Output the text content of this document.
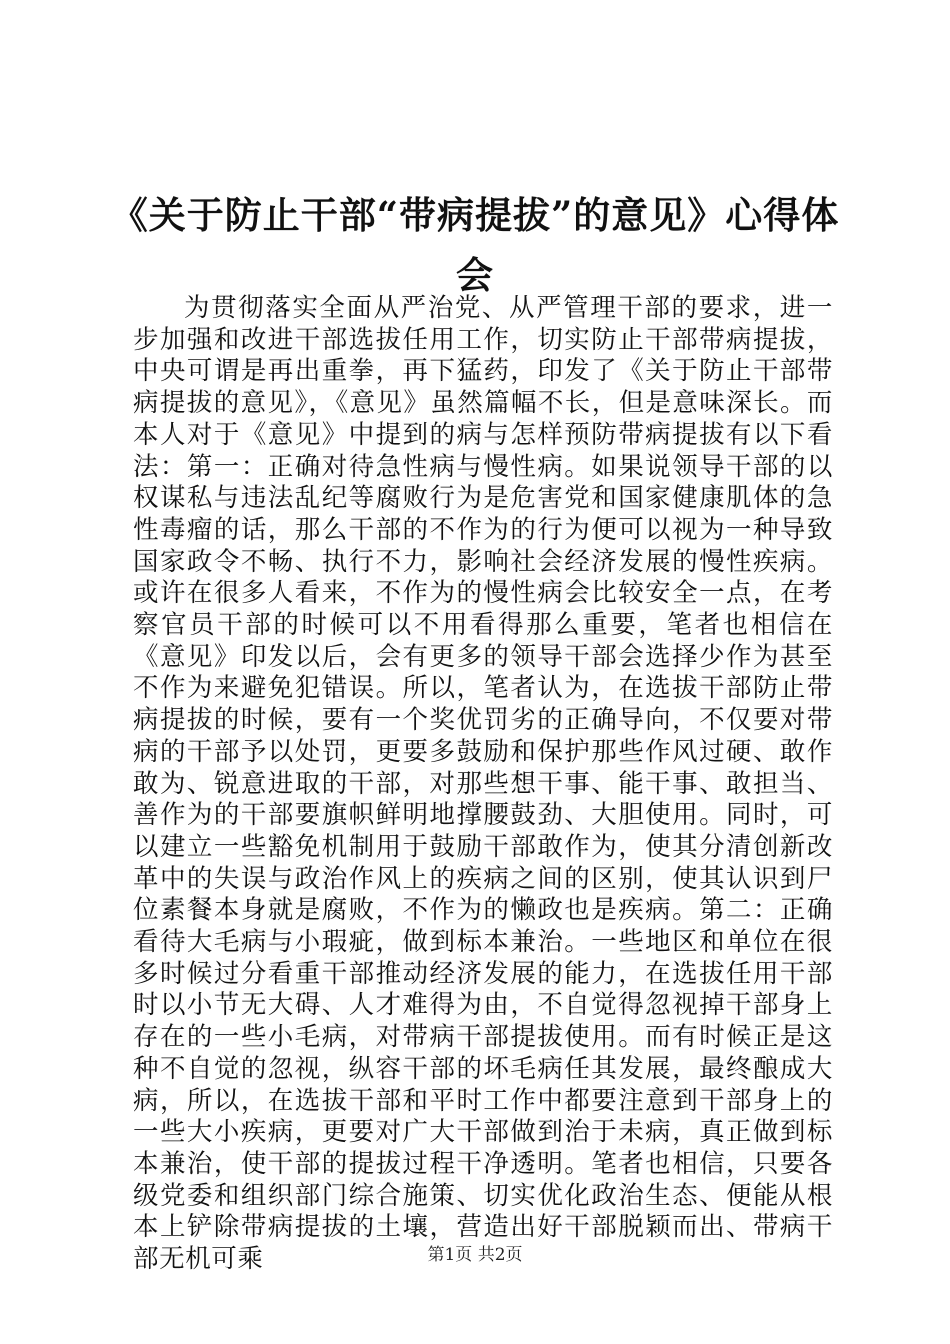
《关于防止干部“带病提拔”的意见》心得体会

为贯彻落实全面从严治党、从严管理干部的要求，进一步加强和改进干部选拔任用工作，切实防止干部带病提拔，中央可谓是再出重拳，再下猛药，印发了《关于防止干部带病提拔的意见》，《意见》虽然篇幅不长，但是意味深长。而本人对于《意见》中提到的病与怎样预防带病提拔有以下看法：第一：正确对待急性病与慢性病。如果说领导干部的以权谋私与违法乱纪等腐败行为是危害党和国家健康肌体的急性毒瘤的话，那么干部的不作为的行为便可以视为一种导致国家政令不畅、执行不力，影响社会经济发展的慢性疾病。或许在很多人看来，不作为的慢性病会比较安全一点，在考察官员干部的时候可以不用看得那么重要，笔者也相信在《意见》印发以后，会有更多的领导干部会选择少作为甚至不作为来避免犯错误。所以，笔者认为，在选拔干部防止带病提拔的时候，要有一个奖优罚劣的正确导向，不仅要对带病的干部予以处罚，更要多鼓励和保护那些作风过硬、敢作敢为、锐意进取的干部，对那些想干事、能干事、敢担当、善作为的干部要旗帜鲜明地撑腰鼓劲、大胆使用。同时，可以建立一些豁免机制用于鼓励干部敢作为，使其分清创新改革中的失误与政治作风上的疾病之间的区别，使其认识到尸位素餐本身就是腐败，不作为的懒政也是疾病。第二：正确看待大毛病与小瑕疵，做到标本兼治。一些地区和单位在很多时候过分看重干部推动经济发展的能力，在选拔任用干部时以小节无大碍、人才难得为由，不自觉得忽视掉干部身上存在的一些小毛病，对带病干部提拔使用。而有时候正是这种不自觉的忽视，纵容干部的坏毛病任其发展，最终酿成大病，所以，在选拔干部和平时工作中都要注意到干部身上的一些大小疾病，更要对广大干部做到治于未病，真正做到标本兼治，使干部的提拔过程干净透明。笔者也相信，只要各级党委和组织部门综合施策、切实优化政治生态、便能从根本上铲除带病提拔的土壤，营造出好干部脱颖而出、带病干部无机可乘	第1页 共2页
